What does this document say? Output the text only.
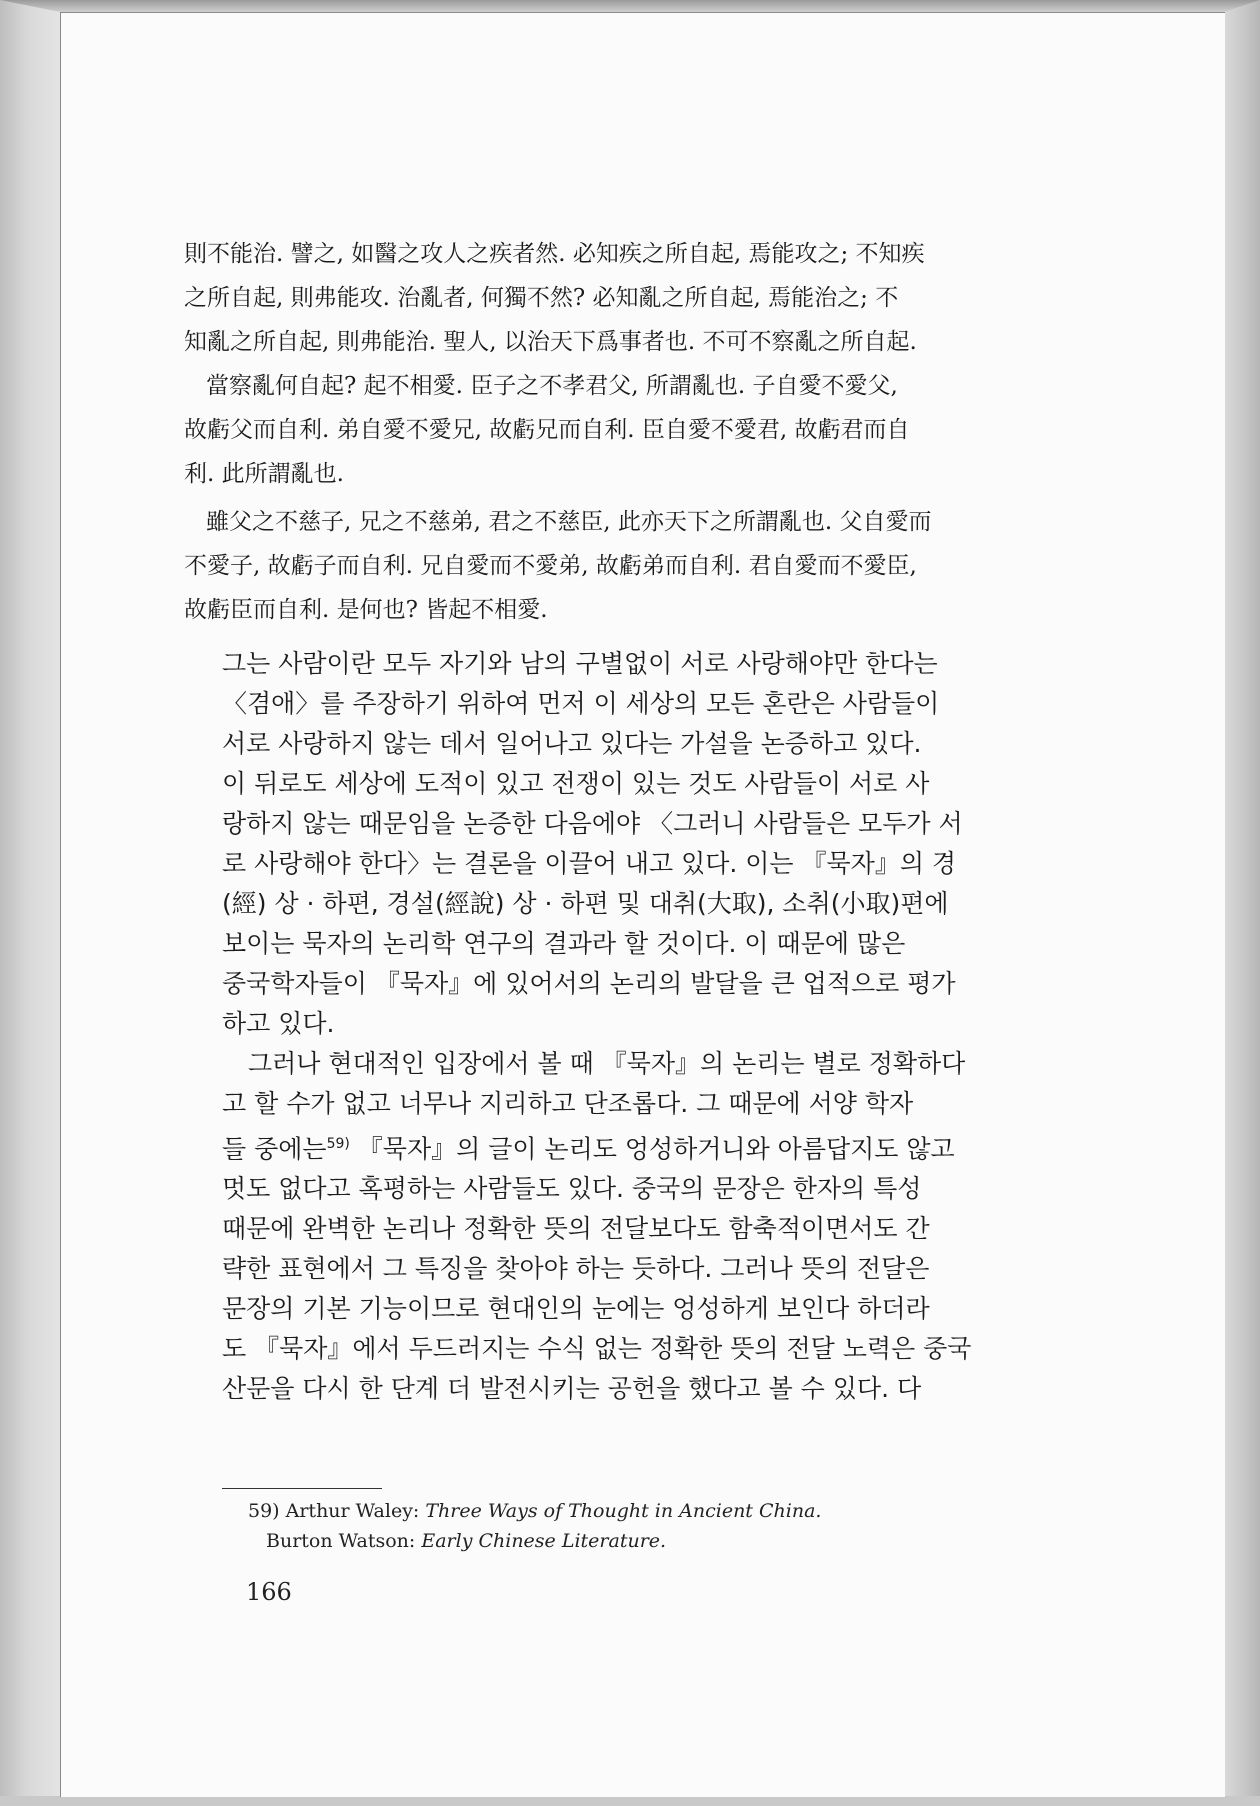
則不能治. 譬之, 如醫之攻人之疾者然. 必知疾之所自起, 焉能攻之; 不知疾

之所自起, 則弗能攻. 治亂者, 何獨不然? 必知亂之所自起, 焉能治之; 不

知亂之所自起, 則弗能治. 聖人, 以治天下爲事者也. 不可不察亂之所自起.

當察亂何自起? 起不相愛. 臣子之不孝君父, 所謂亂也. 子自愛不愛父,

故虧父而自利. 弟自愛不愛兄, 故虧兄而自利. 臣自愛不愛君, 故虧君而自

利. 此所謂亂也.

雖父之不慈子, 兄之不慈弟, 君之不慈臣, 此亦天下之所謂亂也. 父自愛而

不愛子, 故虧子而自利. 兄自愛而不愛弟, 故虧弟而自利. 君自愛而不愛臣,

故虧臣而自利. 是何也? 皆起不相愛.

그는 사람이란 모두 자기와 남의 구별없이 서로 사랑해야만 한다는

〈겸애〉를 주장하기 위하여 먼저 이 세상의 모든 혼란은 사람들이

서로 사랑하지 않는 데서 일어나고 있다는 가설을 논증하고 있다.

이 뒤로도 세상에 도적이 있고 전쟁이 있는 것도 사람들이 서로 사

랑하지 않는 때문임을 논증한 다음에야 〈그러니 사람들은 모두가 서

로 사랑해야 한다〉는 결론을 이끌어 내고 있다. 이는 『묵자』의 경

(經) 상 · 하편, 경설(經說) 상 · 하편 및 대취(大取), 소취(小取)편에

보이는 묵자의 논리학 연구의 결과라 할 것이다. 이 때문에 많은

중국학자들이 『묵자』에 있어서의 논리의 발달을 큰 업적으로 평가

하고 있다.

그러나 현대적인 입장에서 볼 때 『묵자』의 논리는 별로 정확하다

고 할 수가 없고 너무나 지리하고 단조롭다. 그 때문에 서양 학자

들 중에는$^{59)}$ 『묵자』의 글이 논리도 엉성하거니와 아름답지도 않고

멋도 없다고 혹평하는 사람들도 있다. 중국의 문장은 한자의 특성

때문에 완벽한 논리나 정확한 뜻의 전달보다도 함축적이면서도 간

략한 표현에서 그 특징을 찾아야 하는 듯하다. 그러나 뜻의 전달은

문장의 기본 기능이므로 현대인의 눈에는 엉성하게 보인다 하더라

도 『묵자』에서 두드러지는 수식 없는 정확한 뜻의 전달 노력은 중국

산문을 다시 한 단계 더 발전시키는 공헌을 했다고 볼 수 있다. 다

59) Arthur Waley: Three Ways of Thought in Ancient China.

Burton Watson: Early Chinese Literature.

166
